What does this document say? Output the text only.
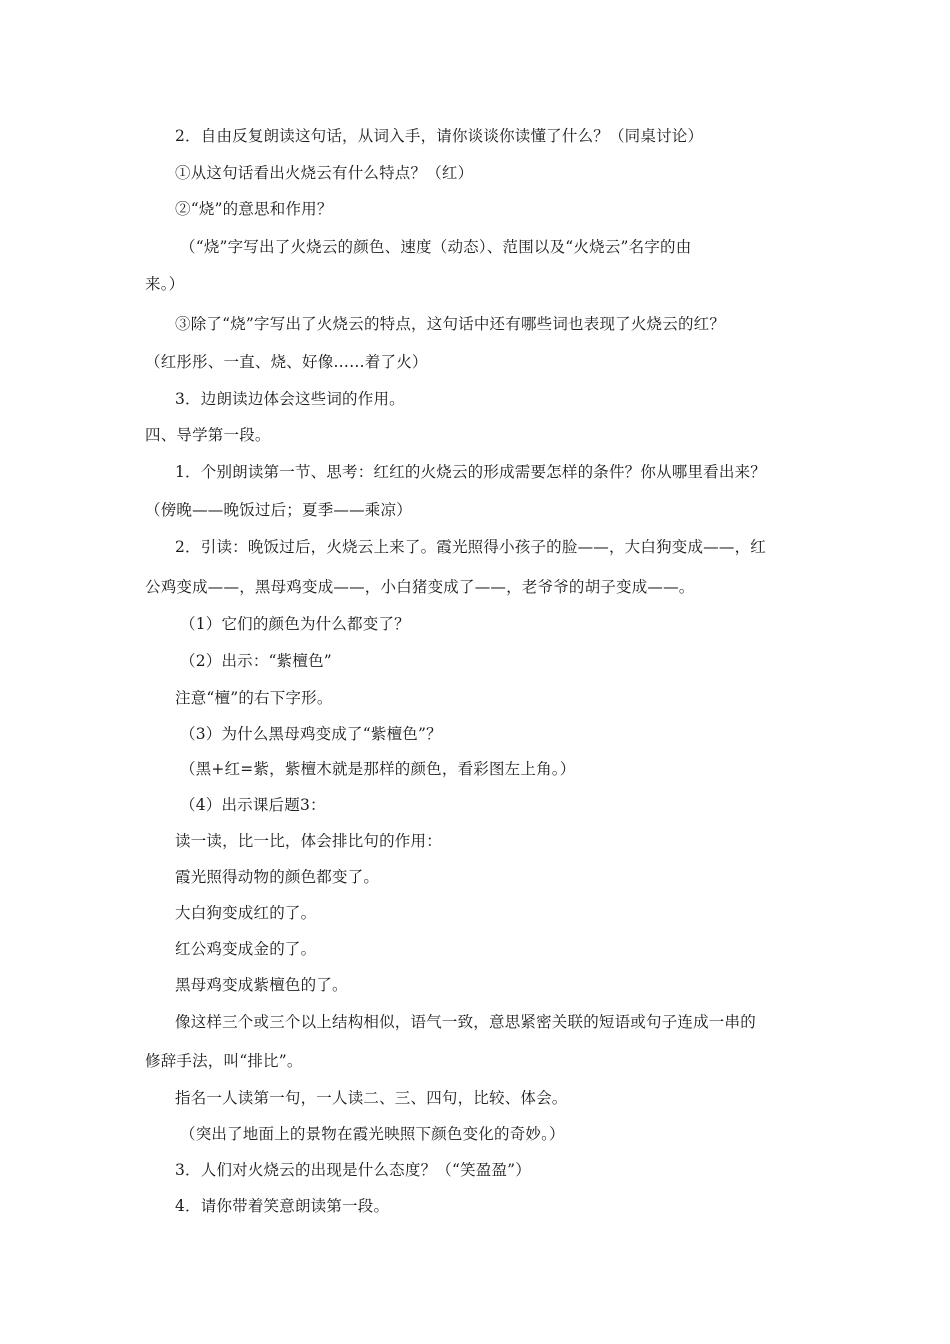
2．自由反复朗读这句话，从词入手，请你谈谈你读懂了什么？（同桌讨论）
①从这句话看出火烧云有什么特点？（红）
②“烧”的意思和作用？
（“烧”字写出了火烧云的颜色、速度（动态）、范围以及“火烧云”名字的由
来。）
③除了“烧”字写出了火烧云的特点，这句话中还有哪些词也表现了火烧云的红？
（红彤彤、一直、烧、好像……着了火）
3．边朗读边体会这些词的作用。
四、导学第一段。
1．个别朗读第一节、思考：红红的火烧云的形成需要怎样的条件？你从哪里看出来？
（傍晚——晚饭过后；夏季——乘凉）
2．引读：晚饭过后，火烧云上来了。霞光照得小孩子的脸——，大白狗变成——，红
公鸡变成——，黑母鸡变成——，小白猪变成了——，老爷爷的胡子变成——。
（1）它们的颜色为什么都变了？
（2）出示：“紫檀色”
注意“檀”的右下字形。
（3）为什么黑母鸡变成了“紫檀色”？
（黑+红=紫，紫檀木就是那样的颜色，看彩图左上角。）
（4）出示课后题3：
读一读，比一比，体会排比句的作用：
霞光照得动物的颜色都变了。
大白狗变成红的了。
红公鸡变成金的了。
黑母鸡变成紫檀色的了。
像这样三个或三个以上结构相似，语气一致，意思紧密关联的短语或句子连成一串的
修辞手法，叫“排比”。
指名一人读第一句，一人读二、三、四句，比较、体会。
（突出了地面上的景物在霞光映照下颜色变化的奇妙。）
3．人们对火烧云的出现是什么态度？（“笑盈盈”）
4．请你带着笑意朗读第一段。
